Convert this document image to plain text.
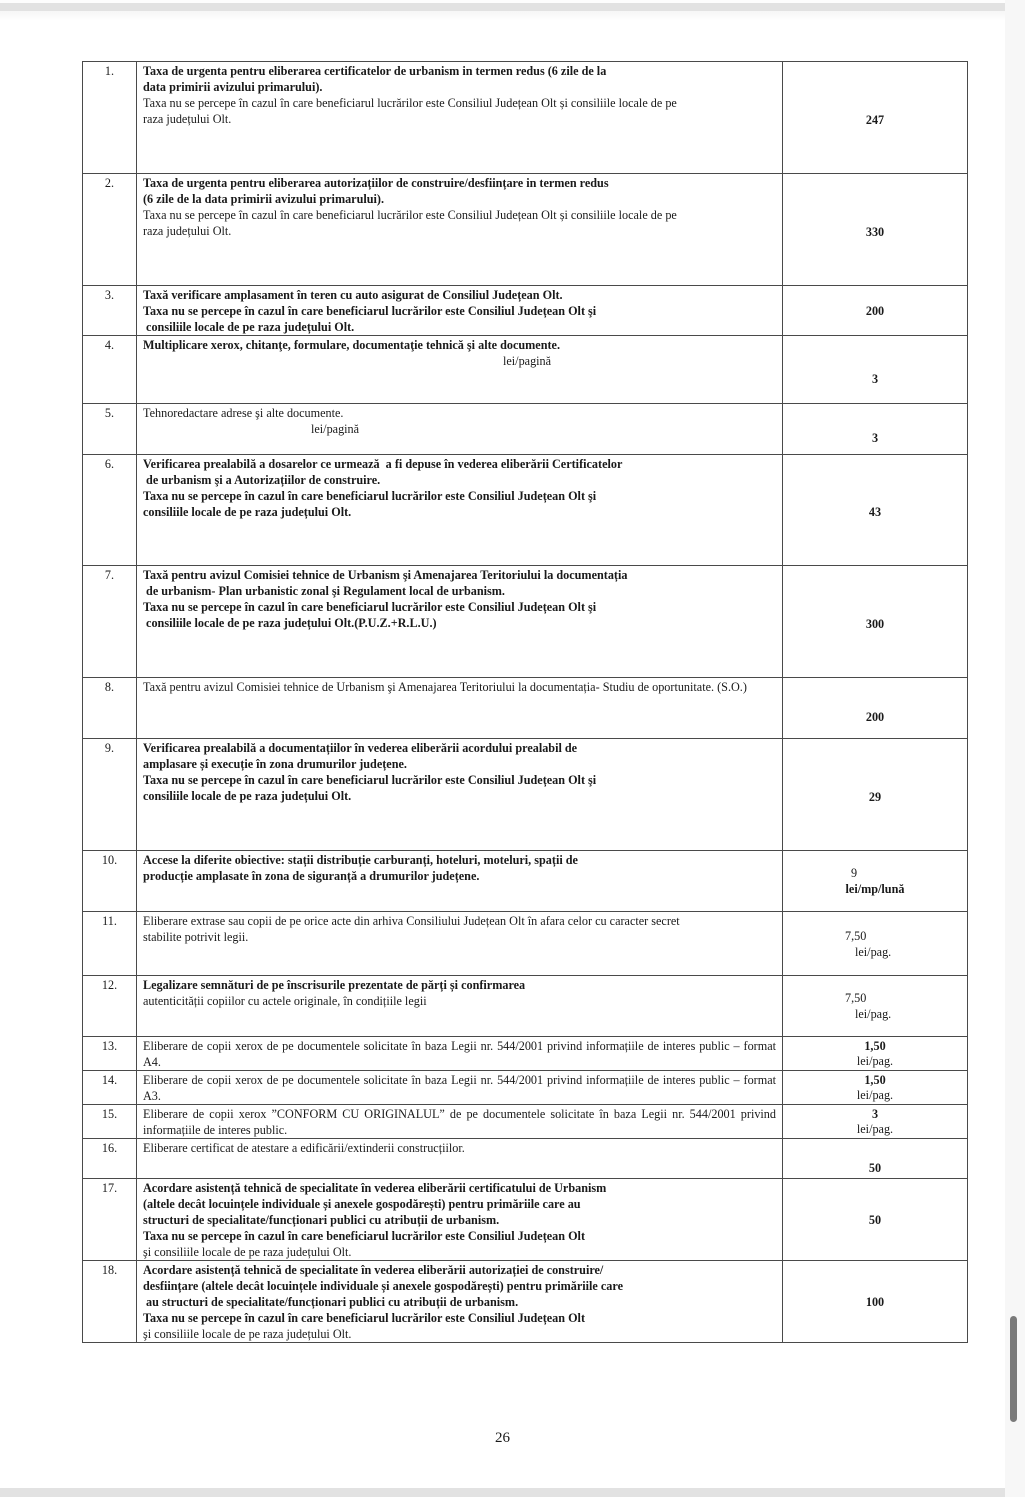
1.	Taxa de urgenta pentru eliberarea certificatelor de urbanism in termen redus (6 zile de la
data primirii avizului primarului).
Taxa nu se percepe în cazul în care beneficiarul lucrărilor este Consiliul Județean Olt și consiliile locale de pe
raza județului Olt.	247
2.	Taxa de urgenta pentru eliberarea autorizațiilor de construire/desființare in termen redus
(6 zile de la data primirii avizului primarului).
Taxa nu se percepe în cazul în care beneficiarul lucrărilor este Consiliul Județean Olt și consiliile locale de pe
raza județului Olt.	330
3.	Taxă verificare amplasament în teren cu auto asigurat de Consiliul Județean Olt.
Taxa nu se percepe în cazul în care beneficiarul lucrărilor este Consiliul Județean Olt şi
consiliile locale de pe raza județului Olt.	200
4.	Multiplicare xerox, chitanţe, formulare, documentaţie tehnică şi alte documente.
lei/pagină	3
5.	Tehnoredactare adrese şi alte documente.
lei/pagină	3
6.	Verificarea prealabilă a dosarelor ce urmează  a fi depuse în vederea eliberării Certificatelor
de urbanism şi a Autorizațiilor de construire.
Taxa nu se percepe în cazul în care beneficiarul lucrărilor este Consiliul Județean Olt şi
consiliile locale de pe raza județului Olt.	43
7.	Taxă pentru avizul Comisiei tehnice de Urbanism şi Amenajarea Teritoriului la documentația
de urbanism- Plan urbanistic zonal şi Regulament local de urbanism.
Taxa nu se percepe în cazul în care beneficiarul lucrărilor este Consiliul Județean Olt şi
consiliile locale de pe raza județului Olt.(P.U.Z.+R.L.U.)	300
8.	Taxă pentru avizul Comisiei tehnice de Urbanism şi Amenajarea Teritoriului la documentația- Studiu de oportunitate. (S.O.)	200
9.	Verificarea prealabilă a documentațiilor în vederea eliberării acordului prealabil de
amplasare și execuție în zona drumurilor județene.
Taxa nu se percepe în cazul în care beneficiarul lucrărilor este Consiliul Județean Olt şi
consiliile locale de pe raza județului Olt.	29
10.	Accese la diferite obiective: stații distribuție carburanți, hoteluri, moteluri, spații de
producție amplasate în zona de siguranță a drumurilor județene.	9
lei/mp/lună

11.	Eliberare extrase sau copii de pe orice acte din arhiva Consiliului Județean Olt în afara celor cu caracter secret
stabilite potrivit legii.	7,50
lei/pag.

12.	Legalizare semnături de pe înscrisurile prezentate de părți și confirmarea
autenticității copiilor cu actele originale, în condițiile legii	7,50
lei/pag.

13.	Eliberare de copii xerox de pe documentele solicitate în baza Legii nr. 544/2001 privind informațiile de interes public – format A4.	1,50
lei/pag.

14.	Eliberare de copii xerox de pe documentele solicitate în baza Legii nr. 544/2001 privind informațiile de interes public – format A3.	1,50
lei/pag.

15.	Eliberare de copii xerox ”CONFORM CU ORIGINALUL” de pe documentele solicitate în baza Legii nr. 544/2001 privind informațiile de interes public.	3
lei/pag.

16.	Eliberare certificat de atestare a edificării/extinderii construcțiilor.	50
17.	Acordare asistență tehnică de specialitate în vederea eliberării certificatului de Urbanism
(altele decât locuințele individuale și anexele gospodărești) pentru primăriile care au
structuri de specialitate/funcționari publici cu atribuții de urbanism.
Taxa nu se percepe în cazul în care beneficiarul lucrărilor este Consiliul Județean Olt
şi consiliile locale de pe raza județului Olt.	50
18.	Acordare asistență tehnică de specialitate în vederea eliberării autorizației de construire/
desființare (altele decât locuințele individuale și anexele gospodărești) pentru primăriile care
au structuri de specialitate/funcționari publici cu atribuții de urbanism.
Taxa nu se percepe în cazul în care beneficiarul lucrărilor este Consiliul Județean Olt
şi consiliile locale de pe raza județului Olt.	100
26
